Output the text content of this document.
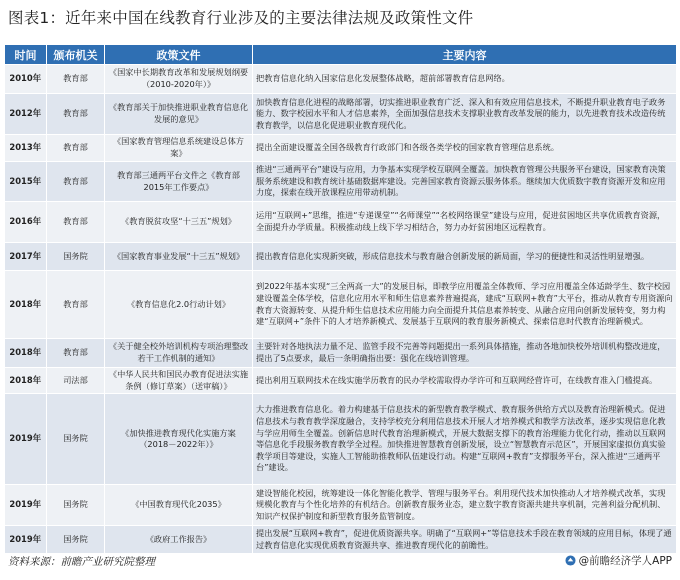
图表1：近年来中国在线教育行业涉及的主要法律法规及政策性文件
时间	颁布机关	政策文件	主要内容
2010年	教育部	《国家中长期教育改革和发展规划纲要（2010-2020年）》	把教育信息化纳入国家信息化发展整体战略，超前部署教育信息网络。
2012年	教育部	《教育部关于加快推进职业教育信息化发展的意见》	加快教育信息化进程的战略部署，切实推进职业教育广泛、深入和有效应用信息技术，不断提升职业教育电子政务能力、数字校园水平和人才信息素养，全面加强信息技术支撑职业教育改革发展的能力，以先进教育技术改造传统教育教学，以信息化促进职业教育现代化。
2013年	教育部	《国家教育管理信息系统建设总体方案》	提出全面建设覆盖全国各级教育行政部门和各级各类学校的国家教育管理信息系统。
2015年	教育部	教育部三通两平台文件之《教育部2015年工作要点》	推进“三通两平台”建设与应用，力争基本实现学校互联网全覆盖。加快教育管理公共服务平台建设，国家教育决策服务系统建设和教育统计基础数据库建设。完善国家教育资源云服务体系。继续加大优质数字教育资源开发和应用力度，探索在线开放课程应用带动机制。
2016年	教育部	《教育脱贫攻坚“十三五”规划》	运用“互联网+”思维，推进“专递课堂”“名师课堂”“名校网络课堂”建设与应用，促进贫困地区共享优质教育资源，全面提升办学质量。积极推动线上线下学习相结合，努力办好贫困地区远程教育。
2017年	国务院	《国家教育事业发展“十三五”规划》	提出教育信息化实现新突破，形成信息技术与教育融合创新发展的新局面，学习的便捷性和灵活性明显增强。
2018年	教育部	《教育信息化2.0行动计划》	到2022年基本实现“三全两高一大”的发展目标，即教学应用覆盖全体教师、学习应用覆盖全体适龄学生、数字校园建设覆盖全体学校，信息化应用水平和师生信息素养普遍提高，建成“互联网+教育”大平台，推动从教育专用资源向教育大资源转变、从提升师生信息技术应用能力向全面提升其信息素养转变、从融合应用向创新发展转变，努力构建“互联网+”条件下的人才培养新模式、发展基于互联网的教育服务新模式、探索信息时代教育治理新模式。
2018年	教育部	《关于健全校外培训机构专项治理整改若干工作机制的通知》	主要针对各地执法力量不足、监管手段不完善等问题提出一系列具体措施，推动各地加快校外培训机构整改进度，提出了5点要求，最后一条明确指出要：强化在线培训管理。
2018年	司法部	《中华人民共和国民办教育促进法实施条例（修订草案）（送审稿）》	提出利用互联网技术在线实施学历教育的民办学校需取得办学许可和互联网经营许可，在线教育准入门槛提高。
2019年	国务院	《加快推进教育现代化实施方案（2018－2022年）》	大力推进教育信息化。着力构建基于信息技术的新型教育教学模式、教育服务供给方式以及教育治理新模式。促进信息技术与教育教学深度融合，支持学校充分利用信息技术开展人才培养模式和教学方法改革，逐步实现信息化教与学应用师生全覆盖。创新信息时代教育治理新模式，开展大数据支撑下的教育治理能力优化行动，推动以互联网等信息化手段服务教育教学全过程。加快推进智慧教育创新发展，设立“智慧教育示范区”，开展国家虚拟仿真实验教学项目等建设，实施人工智能助推教师队伍建设行动。构建“互联网+教育”支撑服务平台，深入推进“三通两平台”建设。
2019年	国务院	《中国教育现代化2035》	建设智能化校园，统筹建设一体化智能化教学、管理与服务平台。利用现代技术加快推动人才培养模式改革，实现规模化教育与个性化培养的有机结合。创新教育服务业态，建立数字教育资源共建共享机制，完善利益分配机制、知识产权保护制度和新型教育服务监管制度。
2019年	国务院	《政府工作报告》	提出发展“互联网+教育”，促进优质资源共享。明确了“互联网+”等信息技术手段在教育领域的应用目标，体现了通过教育信息化实现优质教育资源共享、推进教育现代化的前瞻性。
资料来源：前瞻产业研究院整理	@前瞻经济学人APP
